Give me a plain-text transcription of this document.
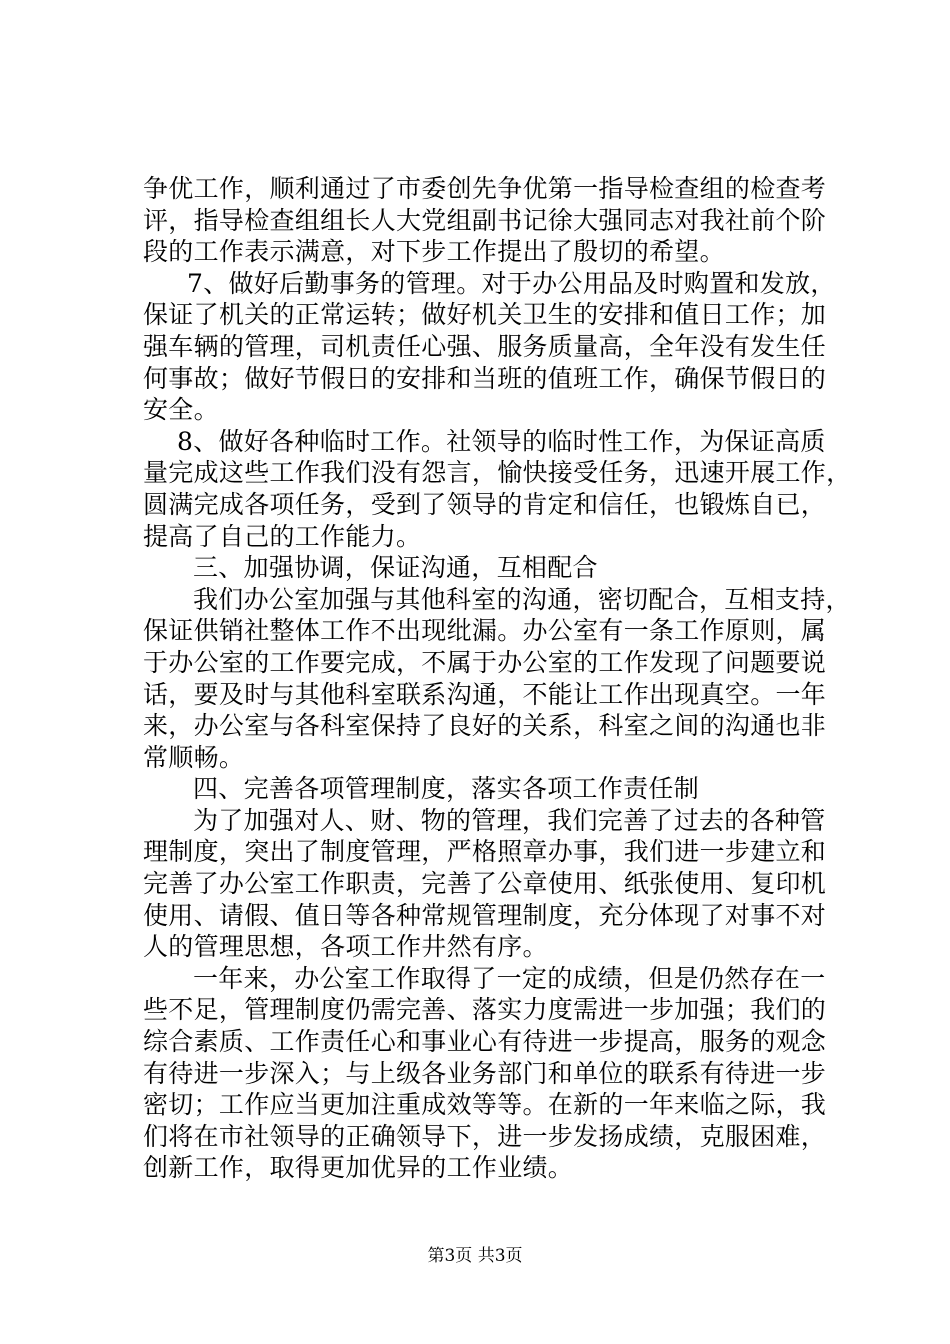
争优工作，顺利通过了市委创先争优第一指导检查组的检查考
评，指导检查组组长人大党组副书记徐大强同志对我社前个阶
段的工作表示满意，对下步工作提出了殷切的希望。
7、做好后勤事务的管理。对于办公用品及时购置和发放，
保证了机关的正常运转；做好机关卫生的安排和值日工作；加
强车辆的管理，司机责任心强、服务质量高，全年没有发生任
何事故；做好节假日的安排和当班的值班工作，确保节假日的
安全。
8、做好各种临时工作。社领导的临时性工作，为保证高质
量完成这些工作我们没有怨言，愉快接受任务，迅速开展工作，
圆满完成各项任务，受到了领导的肯定和信任，也锻炼自已，
提高了自己的工作能力。
三、加强协调，保证沟通，互相配合
我们办公室加强与其他科室的沟通，密切配合，互相支持，
保证供销社整体工作不出现纰漏。办公室有一条工作原则，属
于办公室的工作要完成，不属于办公室的工作发现了问题要说
话，要及时与其他科室联系沟通，不能让工作出现真空。一年
来，办公室与各科室保持了良好的关系，科室之间的沟通也非
常顺畅。
四、完善各项管理制度，落实各项工作责任制
为了加强对人、财、物的管理，我们完善了过去的各种管
理制度，突出了制度管理，严格照章办事，我们进一步建立和
完善了办公室工作职责，完善了公章使用、纸张使用、复印机
使用、请假、值日等各种常规管理制度，充分体现了对事不对
人的管理思想，各项工作井然有序。
一年来，办公室工作取得了一定的成绩，但是仍然存在一
些不足，管理制度仍需完善、落实力度需进一步加强；我们的
综合素质、工作责任心和事业心有待进一步提高，服务的观念
有待进一步深入；与上级各业务部门和单位的联系有待进一步
密切；工作应当更加注重成效等等。在新的一年来临之际，我
们将在市社领导的正确领导下，进一步发扬成绩，克服困难，
创新工作，取得更加优异的工作业绩。
第3页 共3页
